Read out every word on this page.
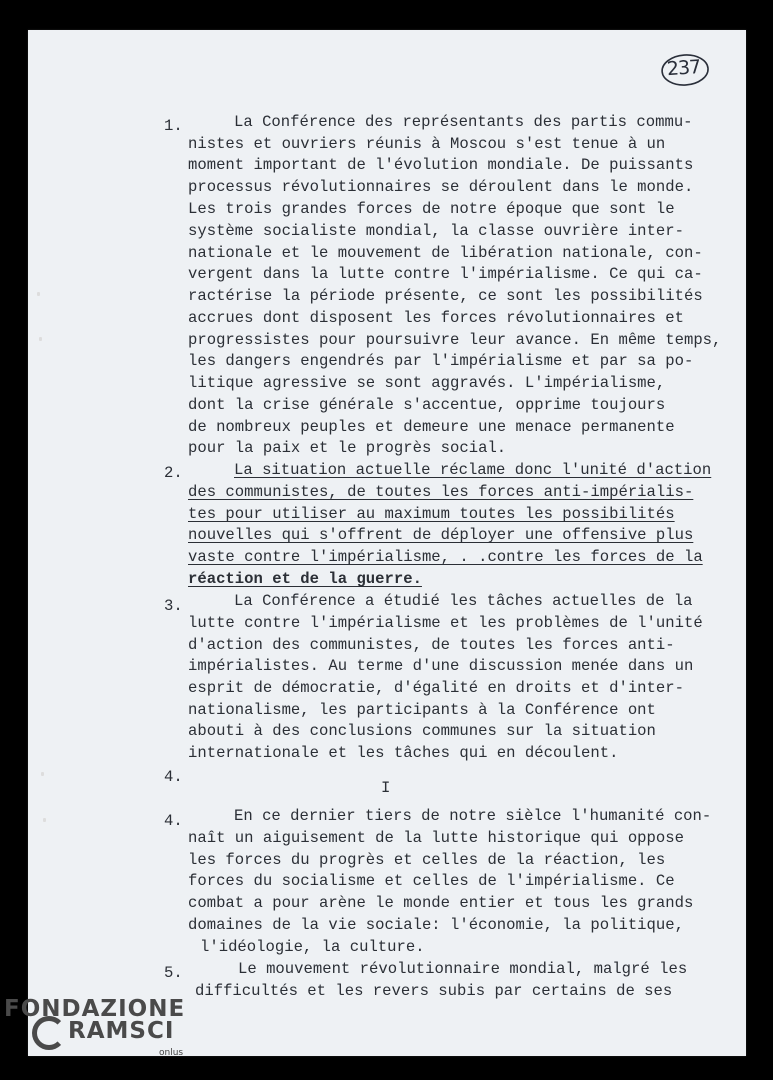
237
1.	La Conférence des représentants des partis commu-
nistes et ouvriers réunis à Moscou s'est tenue à un
moment important de l'évolution mondiale. De puissants
processus révolutionnaires se déroulent dans le monde.
Les trois grandes forces de notre époque que sont le
système socialiste mondial, la classe ouvrière inter-
nationale et le mouvement de libération nationale, con-
vergent dans la lutte contre l'impérialisme. Ce qui ca-
ractérise la période présente, ce sont les possibilités
accrues dont disposent les forces révolutionnaires et
progressistes pour poursuivre leur avance. En même temps,
les dangers engendrés par l'impérialisme et par sa po-
litique agressive se sont aggravés. L'impérialisme,
dont la crise générale s'accentue, opprime toujours
de nombreux peuples et demeure une menace permanente
pour la paix et le progrès social.
2.	La situation actuelle réclame donc l'unité d'action
des communistes, de toutes les forces anti-impérialis-
tes pour utiliser au maximum toutes les possibilités
nouvelles qui s'offrent de déployer une offensive plus
vaste contre l'impérialisme, . .contre les forces de la
réaction et de la guerre.
3.	La Conférence a étudié les tâches actuelles de la
lutte contre l'impérialisme et les problèmes de l'unité
d'action des communistes, de toutes les forces anti-
impérialistes. Au terme d'une discussion menée dans un
esprit de démocratie, d'égalité en droits et d'inter-
nationalisme, les participants à la Conférence ont
abouti à des conclusions communes sur la situation
internationale et les tâches qui en découlent.
4.
I
4.	En ce dernier tiers de notre sièlce l'humanité con-
naît un aiguisement de la lutte historique qui oppose
les forces du progrès et celles de la réaction, les
forces du socialisme et celles de l'impérialisme. Ce
combat a pour arène le monde entier et tous les grands
domaines de la vie sociale: l'économie, la politique,
l'idéologie, la culture.
5.	Le mouvement révolutionnaire mondial, malgré les
difficultés et les revers subis par certains de ses
FONDAZIONE
RAMSCI
onlus
